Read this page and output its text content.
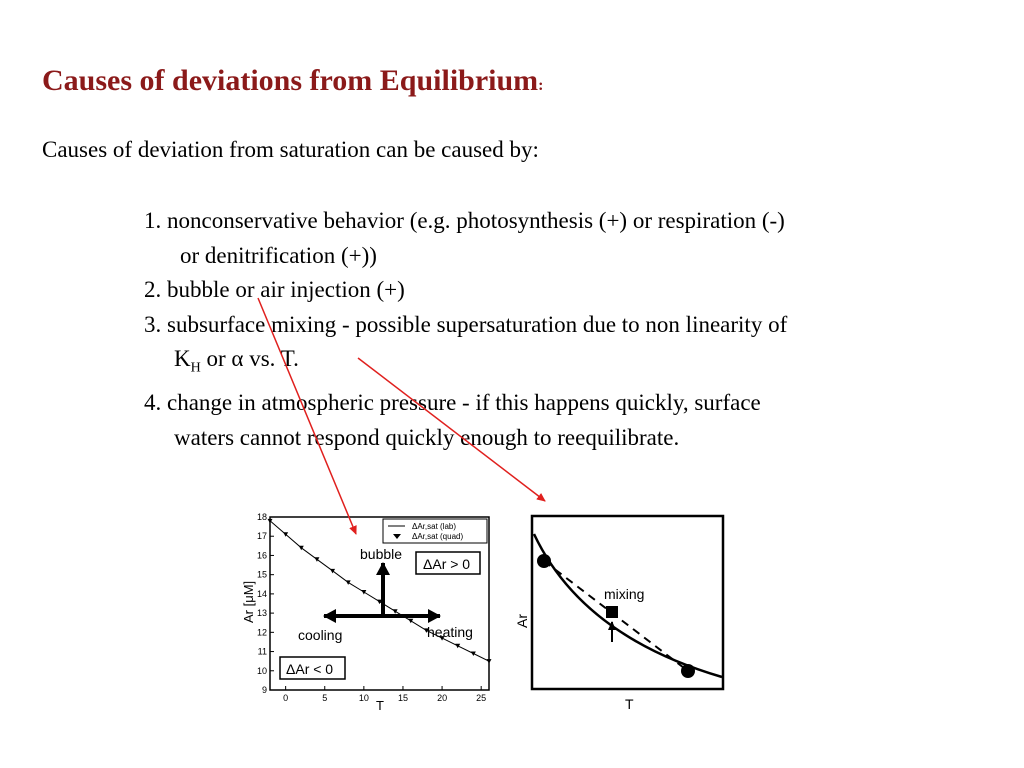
Causes of deviations from Equilibrium:
Causes of deviation from saturation can be caused by:
1. nonconservative behavior (e.g. photosynthesis (+) or respiration (-)
or denitrification (+))
2. bubble or air injection (+)
3. subsurface mixing - possible supersaturation due to non linearity of
$K_H$ or α vs. T.
4. change in atmospheric pressure - if this happens quickly, surface
waters cannot respond quickly enough to reequilibrate.
9
10
11
12
13
14
15
16
17
18
0	5	10	15	20	25
ΔAr,sat (lab)
ΔAr,sat (quad)
bubble
cooling	heating
ΔAr > 0
ΔAr < 0
Ar [μM]
T
mixing
Ar
T
